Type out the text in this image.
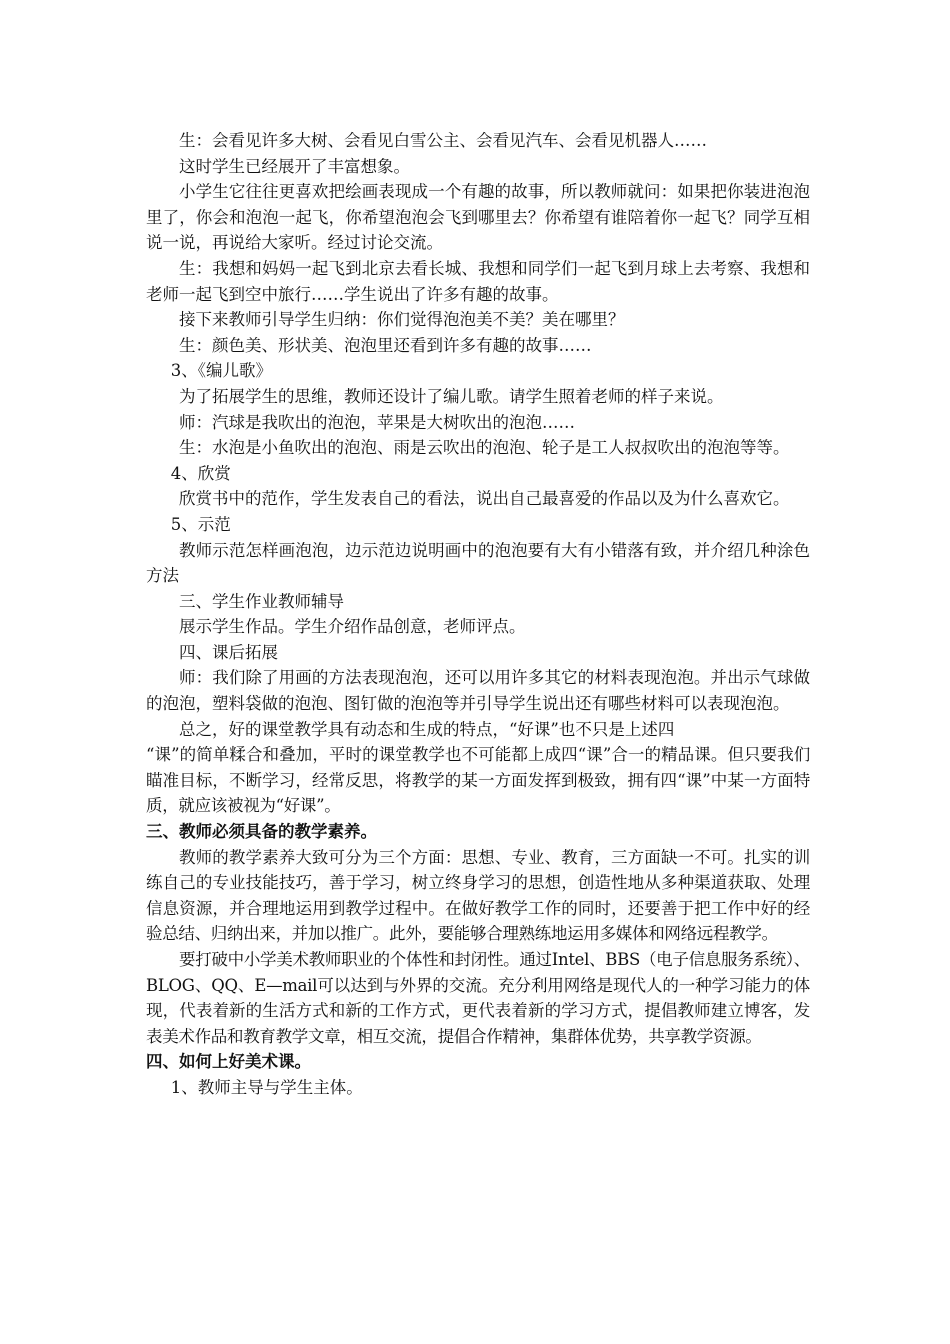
生：会看见许多大树、会看见白雪公主、会看见汽车、会看见机器人……

这时学生已经展开了丰富想象。

小学生它往往更喜欢把绘画表现成一个有趣的故事，所以教师就问：如果把你装进泡泡里了，你会和泡泡一起飞，你希望泡泡会飞到哪里去？你希望有谁陪着你一起飞？同学互相说一说，再说给大家听。经过讨论交流。

生：我想和妈妈一起飞到北京去看长城、我想和同学们一起飞到月球上去考察、我想和老师一起飞到空中旅行……学生说出了许多有趣的故事。

接下来教师引导学生归纳：你们觉得泡泡美不美？美在哪里？

生：颜色美、形状美、泡泡里还看到许多有趣的故事……

3、《编儿歌》

为了拓展学生的思维，教师还设计了编儿歌。请学生照着老师的样子来说。

师：汽球是我吹出的泡泡，苹果是大树吹出的泡泡……

生：水泡是小鱼吹出的泡泡、雨是云吹出的泡泡、轮子是工人叔叔吹出的泡泡等等。

4、欣赏

欣赏书中的范作，学生发表自己的看法，说出自己最喜爱的作品以及为什么喜欢它。

5、示范

教师示范怎样画泡泡，边示范边说明画中的泡泡要有大有小错落有致，并介绍几种涂色方法

三、学生作业教师辅导

展示学生作品。学生介绍作品创意，老师评点。

四、课后拓展

师：我们除了用画的方法表现泡泡，还可以用许多其它的材料表现泡泡。并出示气球做的泡泡，塑料袋做的泡泡、图钉做的泡泡等并引导学生说出还有哪些材料可以表现泡泡。

总之，好的课堂教学具有动态和生成的特点，“好课”也不只是上述四

“课”的简单糅合和叠加，平时的课堂教学也不可能都上成四“课”合一的精品课。但只要我们瞄准目标，不断学习，经常反思，将教学的某一方面发挥到极致，拥有四“课”中某一方面特质，就应该被视为“好课”。

三、教师必须具备的教学素养。

教师的教学素养大致可分为三个方面：思想、专业、教育，三方面缺一不可。扎实的训练自己的专业技能技巧，善于学习，树立终身学习的思想，创造性地从多种渠道获取、处理信息资源，并合理地运用到教学过程中。在做好教学工作的同时，还要善于把工作中好的经验总结、归纳出来，并加以推广。此外，要能够合理熟练地运用多媒体和网络远程教学。

要打破中小学美术教师职业的个体性和封闭性。通过Intel、BBS（电子信息服务系统）、BLOG、QQ、E—mail可以达到与外界的交流。充分利用网络是现代人的一种学习能力的体现，代表着新的生活方式和新的工作方式，更代表着新的学习方式，提倡教师建立博客，发表美术作品和教育教学文章，相互交流，提倡合作精神，集群体优势，共享教学资源。

四、如何上好美术课。

1、教师主导与学生主体。
